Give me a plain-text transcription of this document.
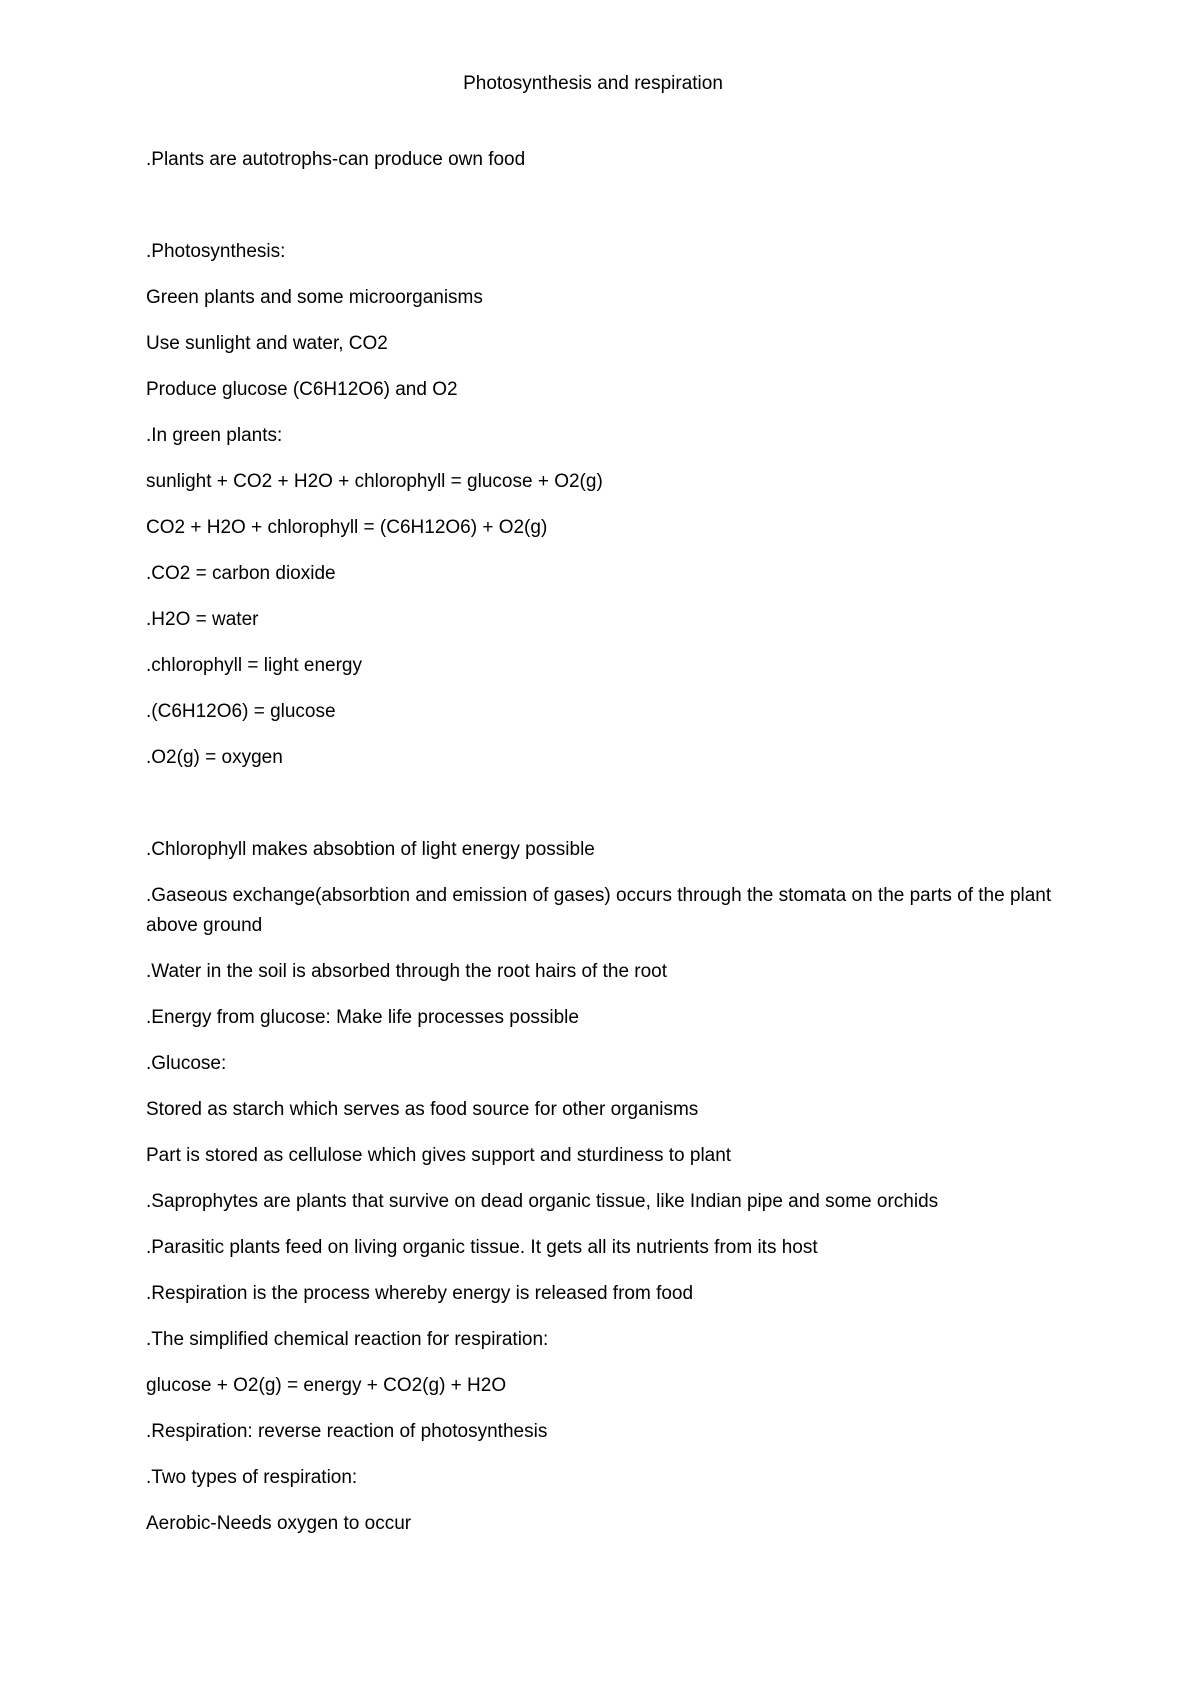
Photosynthesis and respiration
.Plants are autotrophs-can produce own food
.Photosynthesis:
Green plants and some microorganisms
Use sunlight and water, CO2
Produce glucose (C6H12O6) and O2
.In green plants:
sunlight + CO2 + H2O + chlorophyll = glucose + O2(g)
CO2 + H2O + chlorophyll = (C6H12O6) + O2(g)
.CO2 = carbon dioxide
.H2O = water
.chlorophyll = light energy
.(C6H12O6) = glucose
.O2(g) = oxygen
.Chlorophyll makes absobtion of light energy possible
.Gaseous exchange(absorbtion and emission of gases) occurs through the stomata on the parts of the plant above ground
.Water in the soil is absorbed through the root hairs of the root
.Energy from glucose: Make life processes possible
.Glucose:
Stored as starch which serves as food source for other organisms
Part is stored as cellulose which gives support and sturdiness to plant
.Saprophytes are plants that survive on dead organic tissue, like Indian pipe and some orchids
.Parasitic plants feed on living organic tissue. It gets all its nutrients from its host
.Respiration is the process whereby energy is released from food
.The simplified chemical reaction for respiration:
glucose + O2(g) = energy + CO2(g) + H2O
.Respiration: reverse reaction of photosynthesis
.Two types of respiration:
Aerobic-Needs oxygen to occur
